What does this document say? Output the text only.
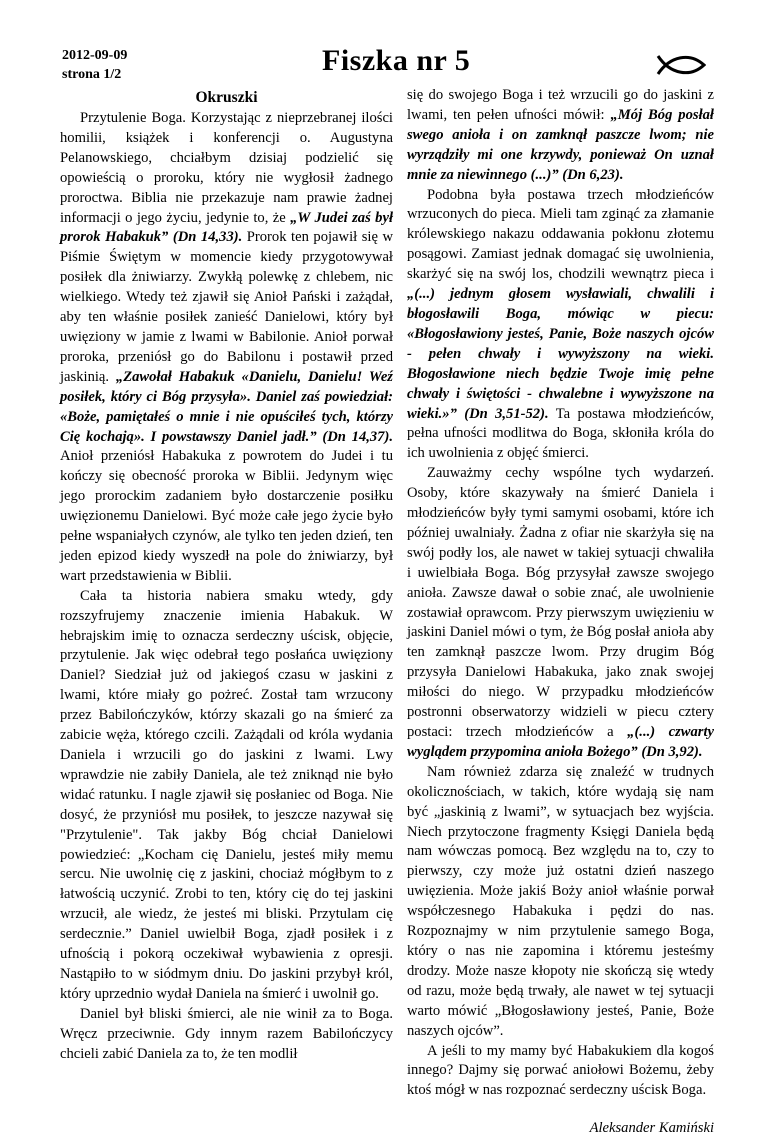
2012-09-09
strona 1/2	Fiszka nr 5
Okruszki

Przytulenie Boga. Korzystając z nieprzebranej ilości homilii, książek i konferencji o. Augustyna Pelanowskiego, chciałbym dzisiaj podzielić się opowieścią o proroku, który nie wygłosił żadnego proroctwa. Biblia nie przekazuje nam prawie żadnej informacji o jego życiu, jedynie to, że „W Judei zaś był prorok Habakuk” (Dn 14,33). Prorok ten pojawił się w Piśmie Świętym w momencie kiedy przygotowywał posiłek dla żniwiarzy. Zwykłą polewkę z chlebem, nic wielkiego. Wtedy też zjawił się Anioł Pański i zażądał, aby ten właśnie posiłek zanieść Danielowi, który był uwięziony w jamie z lwami w Babilonie. Anioł porwał proroka, przeniósł go do Babilonu i postawił przed jaskinią. „Zawołał Habakuk «Danielu, Danielu! Weź posiłek, który ci Bóg przysyła». Daniel zaś powiedział: «Boże, pamiętałeś o mnie i nie opuściłeś tych, którzy Cię kochają». I powstawszy Daniel jadł.” (Dn 14,37). Anioł przeniósł Habakuka z powrotem do Judei i tu kończy się obecność proroka w Biblii. Jedynym więc jego prorockim zadaniem było dostarczenie posiłku uwięzionemu Danielowi. Być może całe jego życie było pełne wspaniałych czynów, ale tylko ten jeden dzień, ten jeden epizod kiedy wyszedł na pole do żniwiarzy, był wart przedstawienia w Biblii.

Cała ta historia nabiera smaku wtedy, gdy rozszyfrujemy znaczenie imienia Habakuk. W hebrajskim imię to oznacza serdeczny uścisk, objęcie, przytulenie. Jak więc odebrał tego posłańca uwięziony Daniel? Siedział już od jakiegoś czasu w jaskini z lwami, które miały go pożreć. Został tam wrzucony przez Babilończyków, którzy skazali go na śmierć za zabicie węża, którego czcili. Zażądali od króla wydania Daniela i wrzucili go do jaskini z lwami. Lwy wprawdzie nie zabiły Daniela, ale też zniknąd nie było widać ratunku. I nagle zjawił się posłaniec od Boga. Nie dosyć, że przyniósł mu posiłek, to jeszcze nazywał się "Przytulenie". Tak jakby Bóg chciał Danielowi powiedzieć: „Kocham cię Danielu, jesteś miły memu sercu. Nie uwolnię cię z jaskini, chociaż mógłbym to z łatwością uczynić. Zrobi to ten, który cię do tej jaskini wrzucił, ale wiedz, że jesteś mi bliski. Przytulam cię serdecznie.” Daniel uwielbił Boga, zjadł posiłek i z ufnością i pokorą oczekiwał wybawienia z opresji. Nastąpiło to w siódmym dniu. Do jaskini przybył król, który uprzednio wydał Daniela na śmierć i uwolnił go.

Daniel był bliski śmierci, ale nie winił za to Boga. Wręcz przeciwnie. Gdy innym razem Babilończycy chcieli zabić Daniela za to, że ten modlił

się do swojego Boga i też wrzucili go do jaskini z lwami, ten pełen ufności mówił: „Mój Bóg posłał swego anioła i on zamknął paszcze lwom; nie wyrządziły mi one krzywdy, ponieważ On uznał mnie za niewinnego (...)” (Dn 6,23).

Podobna była postawa trzech młodzieńców wrzuconych do pieca. Mieli tam zginąć za złamanie królewskiego nakazu oddawania pokłonu złotemu posągowi. Zamiast jednak domagać się uwolnienia, skarżyć się na swój los, chodzili wewnątrz pieca i „(...) jednym głosem wysławiali, chwalili i błogosławili Boga, mówiąc w piecu: «Błogosławiony jesteś, Panie, Boże naszych ojców - pełen chwały i wywyższony na wieki. Błogosławione niech będzie Twoje imię pełne chwały i świętości - chwalebne i wywyższone na wieki.»” (Dn 3,51-52). Ta postawa młodzieńców, pełna ufności modlitwa do Boga, skłoniła króla do ich uwolnienia z objęć śmierci.

Zauważmy cechy wspólne tych wydarzeń. Osoby, które skazywały na śmierć Daniela i młodzieńców były tymi samymi osobami, które ich później uwalniały. Żadna z ofiar nie skarżyła się na swój podły los, ale nawet w takiej sytuacji chwaliła i uwielbiała Boga. Bóg przysyłał zawsze swojego anioła. Zawsze dawał o sobie znać, ale uwolnienie zostawiał oprawcom. Przy pierwszym uwięzieniu w jaskini Daniel mówi o tym, że Bóg posłał anioła aby ten zamknął paszcze lwom. Przy drugim Bóg przysyła Danielowi Habakuka, jako znak swojej miłości do niego. W przypadku młodzieńców postronni obserwatorzy widzieli w piecu cztery postaci: trzech młodzieńców a „(...) czwarty wyglądem przypomina anioła Bożego” (Dn 3,92).

Nam również zdarza się znaleźć w trudnych okolicznościach, w takich, które wydają się nam być „jaskinią z lwami”, w sytuacjach bez wyjścia. Niech przytoczone fragmenty Księgi Daniela będą nam wówczas pomocą. Bez względu na to, czy to pierwszy, czy może już ostatni dzień naszego uwięzienia. Może jakiś Boży anioł właśnie porwał współczesnego Habakuka i pędzi do nas. Rozpoznajmy w nim przytulenie samego Boga, który o nas nie zapomina i któremu jesteśmy drodzy. Może nasze kłopoty nie skończą się wtedy od razu, może będą trwały, ale nawet w tej sytuacji warto mówić „Błogosławiony jesteś, Panie, Boże naszych ojców”.

A jeśli to my mamy być Habakukiem dla kogoś innego? Dajmy się porwać aniołowi Bożemu, żeby ktoś mógł w nas rozpoznać serdeczny uścisk Boga.

Aleksander Kamiński
